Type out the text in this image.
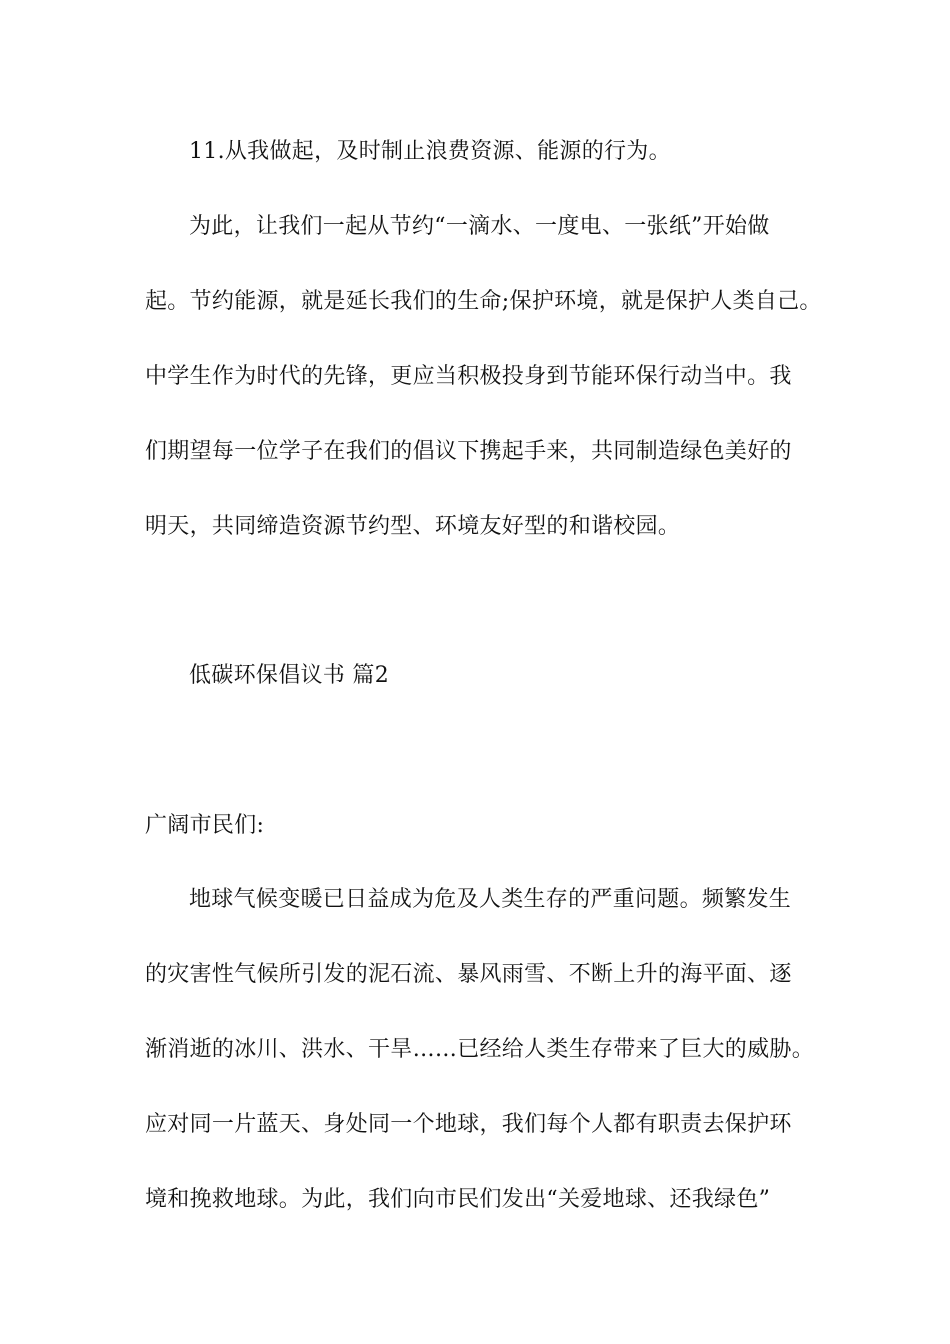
11.从我做起，及时制止浪费资源、能源的行为。
为此，让我们一起从节约“一滴水、一度电、一张纸”开始做
起。节约能源，就是延长我们的生命;保护环境，就是保护人类自己。
中学生作为时代的先锋，更应当积极投身到节能环保行动当中。我
们期望每一位学子在我们的倡议下携起手来，共同制造绿色美好的
明天，共同缔造资源节约型、环境友好型的和谐校园。
低碳环保倡议书 篇2
广阔市民们:
地球气候变暖已日益成为危及人类生存的严重问题。频繁发生
的灾害性气候所引发的泥石流、暴风雨雪、不断上升的海平面、逐
渐消逝的冰川、洪水、干旱……已经给人类生存带来了巨大的威胁。
应对同一片蓝天、身处同一个地球，我们每个人都有职责去保护环
境和挽救地球。为此，我们向市民们发出“关爱地球、还我绿色”
